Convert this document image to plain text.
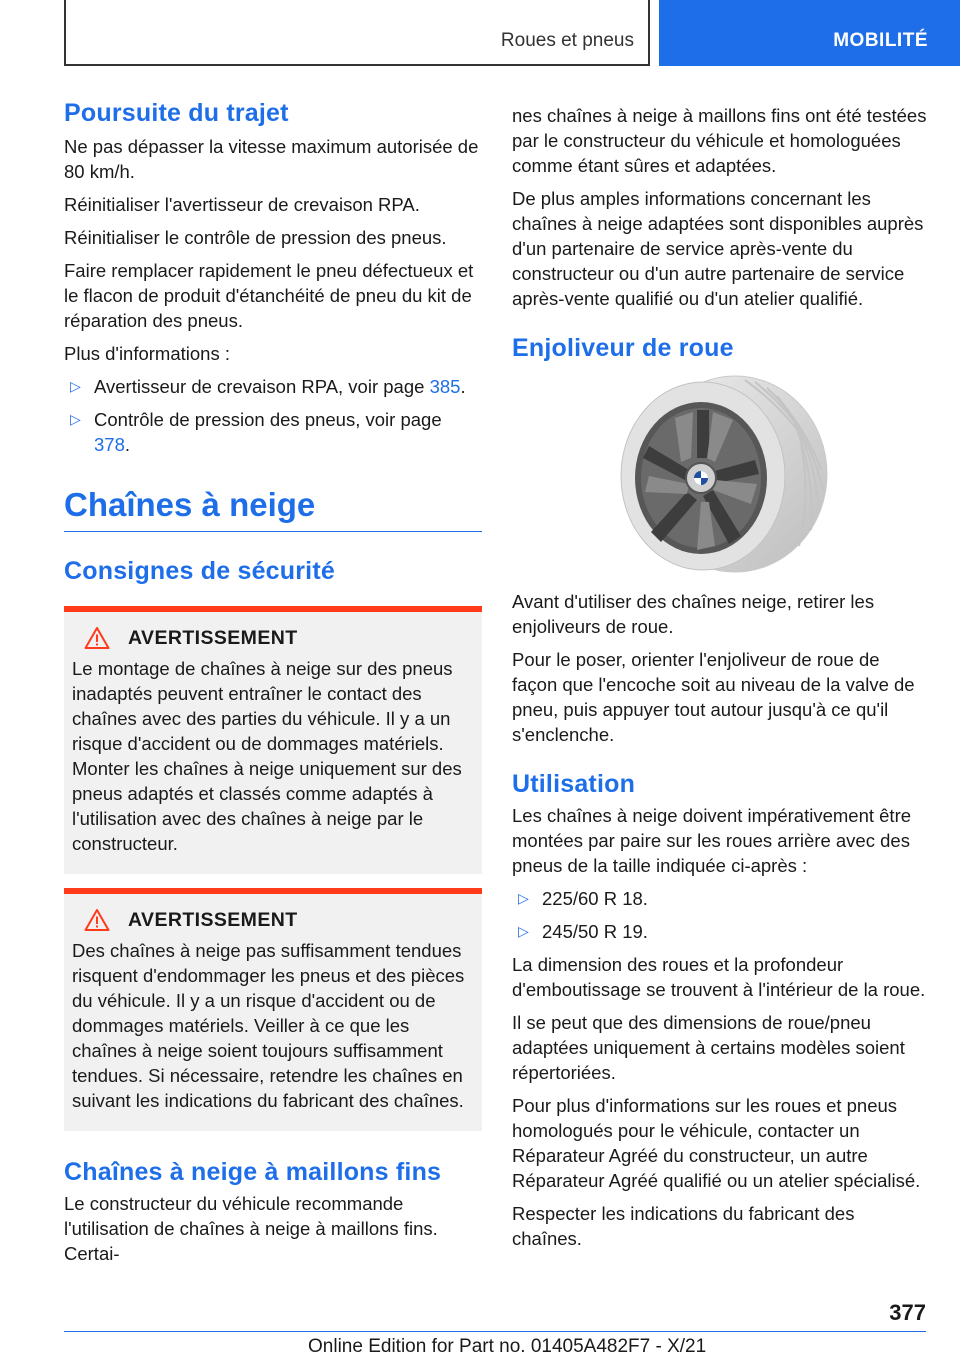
Roues et pneus	MOBILITÉ
Poursuite du trajet

Ne pas dépasser la vitesse maximum autorisée de 80 km/h.

Réinitialiser l'avertisseur de crevaison RPA.

Réinitialiser le contrôle de pression des pneus.

Faire remplacer rapidement le pneu défectueux et le flacon de produit d'étanchéité de pneu du kit de réparation des pneus.

Plus d'informations :

▷ Avertisseur de crevaison RPA, voir page 385.
▷ Contrôle de pression des pneus, voir page 378.
Chaînes à neige
Consignes de sécurité
AVERTISSEMENT

Le montage de chaînes à neige sur des pneus inadaptés peuvent entraîner le contact des chaînes avec des parties du véhicule. Il y a un risque d'accident ou de dommages matériels. Monter les chaînes à neige uniquement sur des pneus adaptés et classés comme adaptés à l'utilisation avec des chaînes à neige par le constructeur.

AVERTISSEMENT

Des chaînes à neige pas suffisamment tendues risquent d'endommager les pneus et des pièces du véhicule. Il y a un risque d'accident ou de dommages matériels. Veiller à ce que les chaînes à neige soient toujours suffisamment tendues. Si nécessaire, retendre les chaînes en suivant les indications du fabricant des chaînes.

Chaînes à neige à maillons fins

Le constructeur du véhicule recommande l'utilisation de chaînes à neige à maillons fins. Certai-

nes chaînes à neige à maillons fins ont été testées par le constructeur du véhicule et homologuées comme étant sûres et adaptées.

De plus amples informations concernant les chaînes à neige adaptées sont disponibles auprès d'un partenaire de service après-vente du constructeur ou d'un autre partenaire de service après-vente qualifié ou d'un atelier qualifié.

Enjoliveur de roue

Avant d'utiliser des chaînes neige, retirer les enjoliveurs de roue.

Pour le poser, orienter l'enjoliveur de roue de façon que l'encoche soit au niveau de la valve de pneu, puis appuyer tout autour jusqu'à ce qu'il s'enclenche.

Utilisation

Les chaînes à neige doivent impérativement être montées par paire sur les roues arrière avec des pneus de la taille indiquée ci-après :

▷ 225/60 R 18.
▷ 245/50 R 19.

La dimension des roues et la profondeur d'emboutissage se trouvent à l'intérieur de la roue.

Il se peut que des dimensions de roue/pneu adaptées uniquement à certains modèles soient répertoriées.

Pour plus d'informations sur les roues et pneus homologués pour le véhicule, contacter un Réparateur Agréé du constructeur, un autre Réparateur Agréé qualifié ou un atelier spécialisé.

Respecter les indications du fabricant des chaînes.

377
Online Edition for Part no. 01405A482F7 - X/21
